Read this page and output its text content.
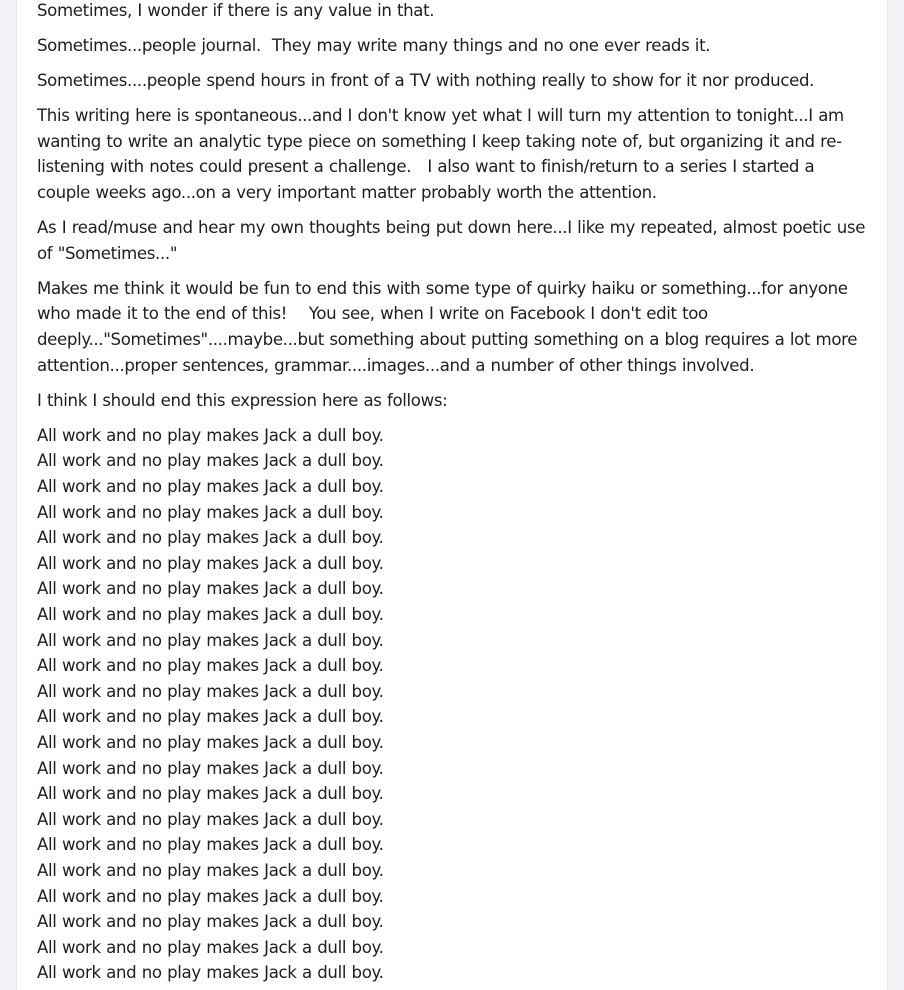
Sometimes, I wonder if there is any value in that.

Sometimes...people journal.  They may write many things and no one ever reads it.

Sometimes....people spend hours in front of a TV with nothing really to show for it nor produced.

This writing here is spontaneous...and I don't know yet what I will turn my attention to tonight...I am wanting to write an analytic type piece on something I keep taking note of, but organizing it and re-listening with notes could present a challenge.   I also want to finish/return to a series I started a couple weeks ago...on a very important matter probably worth the attention.

As I read/muse and hear my own thoughts being put down here...I like my repeated, almost poetic use of "Sometimes..."

Makes me think it would be fun to end this with some type of quirky haiku or something...for anyone who made it to the end of this!    You see, when I write on Facebook I don't edit too deeply..."Sometimes"....maybe...but something about putting something on a blog requires a lot more attention...proper sentences, grammar....images...and a number of other things involved.

I think I should end this expression here as follows:

All work and no play makes Jack a dull boy.
All work and no play makes Jack a dull boy.
All work and no play makes Jack a dull boy.
All work and no play makes Jack a dull boy.
All work and no play makes Jack a dull boy.
All work and no play makes Jack a dull boy.
All work and no play makes Jack a dull boy.
All work and no play makes Jack a dull boy.
All work and no play makes Jack a dull boy.
All work and no play makes Jack a dull boy.
All work and no play makes Jack a dull boy.
All work and no play makes Jack a dull boy.
All work and no play makes Jack a dull boy.
All work and no play makes Jack a dull boy.
All work and no play makes Jack a dull boy.
All work and no play makes Jack a dull boy.
All work and no play makes Jack a dull boy.
All work and no play makes Jack a dull boy.
All work and no play makes Jack a dull boy.
All work and no play makes Jack a dull boy.
All work and no play makes Jack a dull boy.
All work and no play makes Jack a dull boy.
